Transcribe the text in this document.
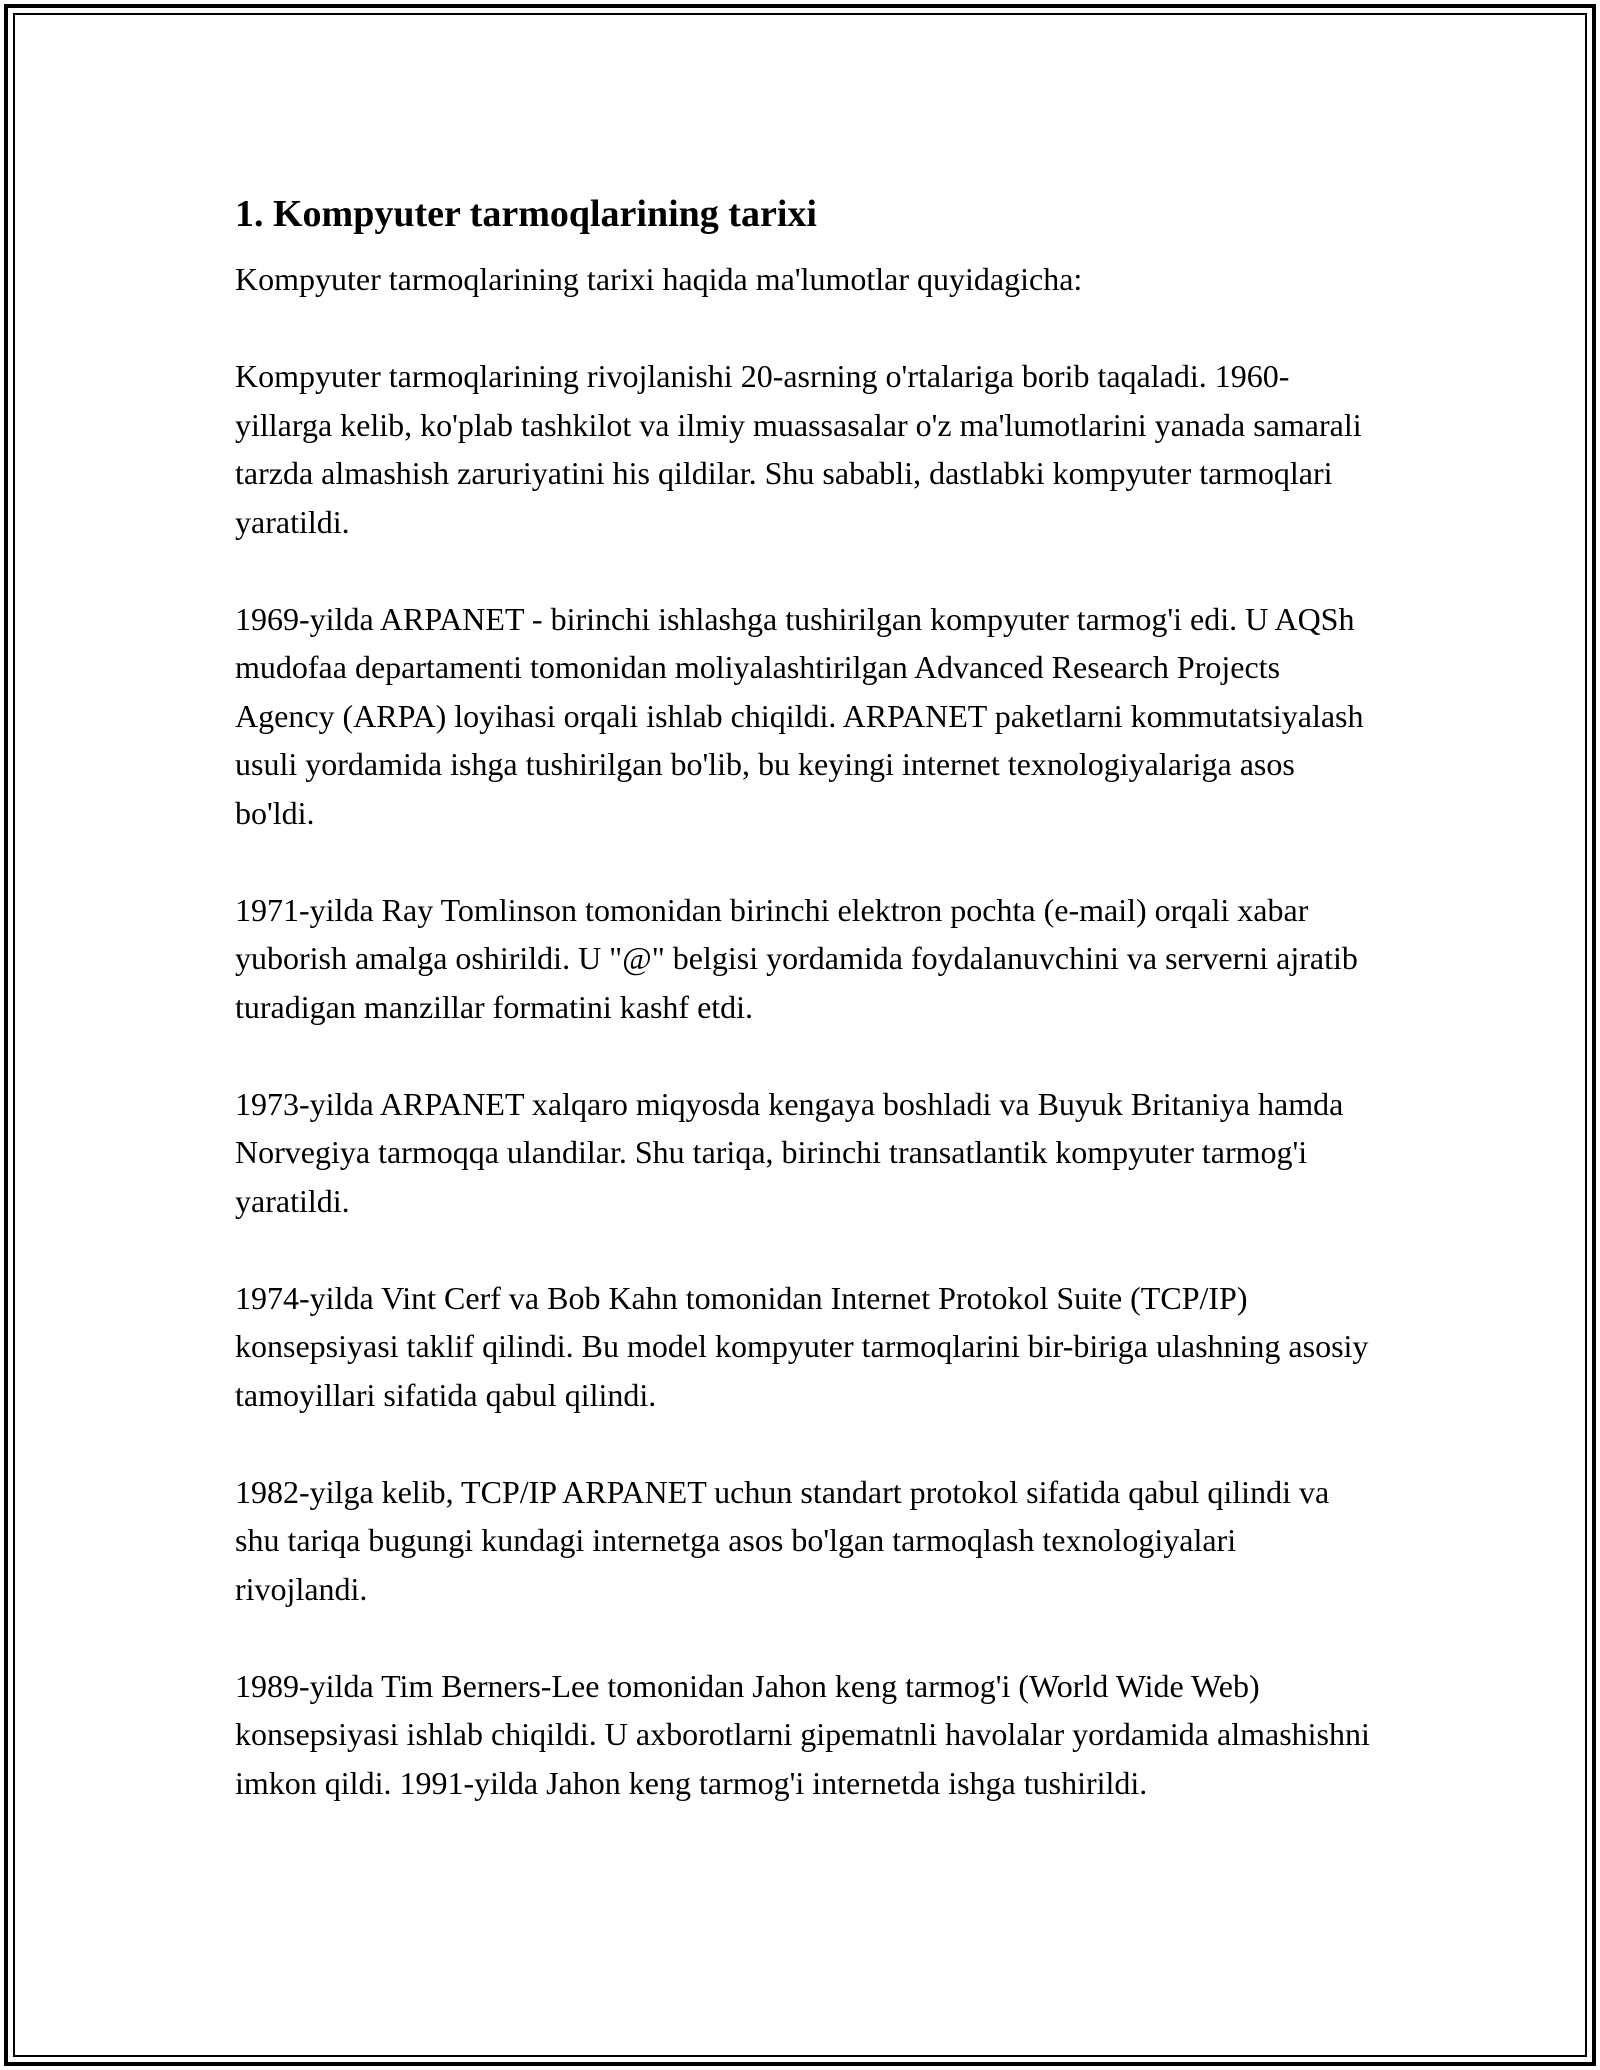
1. Kompyuter tarmoqlarining tarixi

Kompyuter tarmoqlarining tarixi haqida ma'lumotlar quyidagicha:

Kompyuter tarmoqlarining rivojlanishi 20-asrning o'rtalariga borib taqaladi. 1960-yillarga kelib, ko'plab tashkilot va ilmiy muassasalar o'z ma'lumotlarini yanada samarali tarzda almashish zaruriyatini his qildilar. Shu sababli, dastlabki kompyuter tarmoqlari yaratildi.

1969-yilda ARPANET - birinchi ishlashga tushirilgan kompyuter tarmog'i edi. U AQSh mudofaa departamenti tomonidan moliyalashtirilgan Advanced Research Projects Agency (ARPA) loyihasi orqali ishlab chiqildi. ARPANET paketlarni kommutatsiyalash usuli yordamida ishga tushirilgan bo'lib, bu keyingi internet texnologiyalariga asos bo'ldi.

1971-yilda Ray Tomlinson tomonidan birinchi elektron pochta (e-mail) orqali xabar yuborish amalga oshirildi. U "@" belgisi yordamida foydalanuvchini va serverni ajratib turadigan manzillar formatini kashf etdi.

1973-yilda ARPANET xalqaro miqyosda kengaya boshladi va Buyuk Britaniya hamda Norvegiya tarmoqqa ulandilar. Shu tariqa, birinchi transatlantik kompyuter tarmog'i yaratildi.

1974-yilda Vint Cerf va Bob Kahn tomonidan Internet Protokol Suite (TCP/IP) konsepsiyasi taklif qilindi. Bu model kompyuter tarmoqlarini bir-biriga ulashning asosiy tamoyillari sifatida qabul qilindi.

1982-yilga kelib, TCP/IP ARPANET uchun standart protokol sifatida qabul qilindi va shu tariqa bugungi kundagi internetga asos bo'lgan tarmoqlash texnologiyalari rivojlandi.

1989-yilda Tim Berners-Lee tomonidan Jahon keng tarmog'i (World Wide Web) konsepsiyasi ishlab chiqildi. U axborotlarni gipematnli havolalar yordamida almashishni imkon qildi. 1991-yilda Jahon keng tarmog'i internetda ishga tushirildi.
